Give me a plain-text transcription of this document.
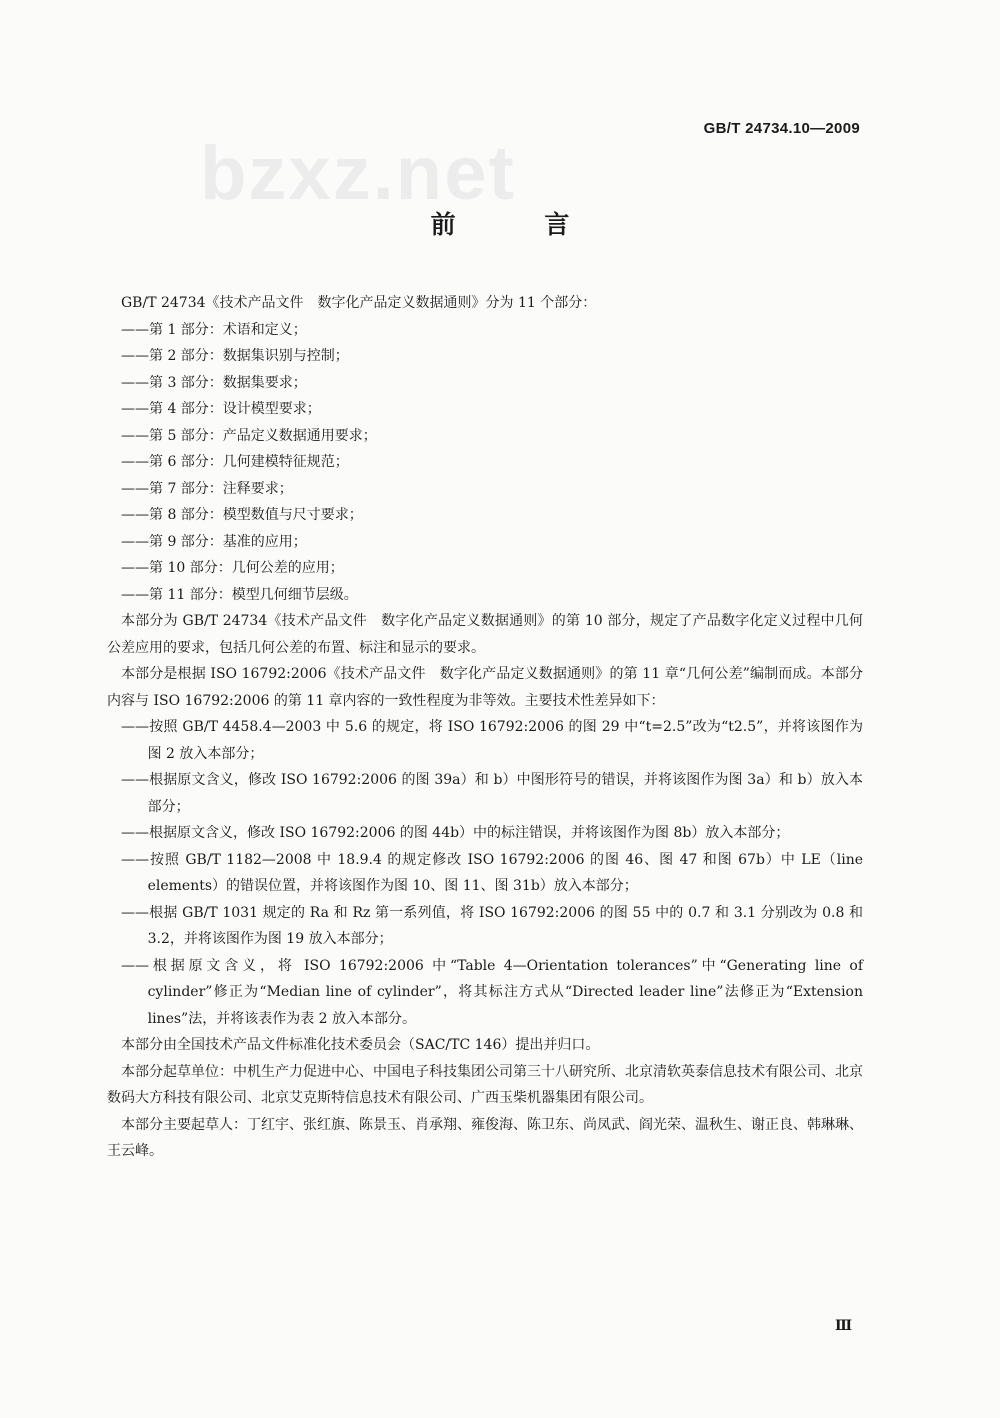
GB/T 24734.10—2009
bzxz.net
前 言

GB/T 24734《技术产品文件　数字化产品定义数据通则》分为 11 个部分：

——第 1 部分：术语和定义；

——第 2 部分：数据集识别与控制；

——第 3 部分：数据集要求；

——第 4 部分：设计模型要求；

——第 5 部分：产品定义数据通用要求；

——第 6 部分：几何建模特征规范；

——第 7 部分：注释要求；

——第 8 部分：模型数值与尺寸要求；

——第 9 部分：基准的应用；

——第 10 部分：几何公差的应用；

——第 11 部分：模型几何细节层级。

本部分为 GB/T 24734《技术产品文件　数字化产品定义数据通则》的第 10 部分，规定了产品数字化定义过程中几何公差应用的要求，包括几何公差的布置、标注和显示的要求。

本部分是根据 ISO 16792:2006《技术产品文件　数字化产品定义数据通则》的第 11 章“几何公差”编制而成。本部分内容与 ISO 16792:2006 的第 11 章内容的一致性程度为非等效。主要技术性差异如下：

——按照 GB/T 4458.4—2003 中 5.6 的规定，将 ISO 16792:2006 的图 29 中“t=2.5”改为“t2.5”，并将该图作为图 2 放入本部分；

——根据原文含义，修改 ISO 16792:2006 的图 39a）和 b）中图形符号的错误，并将该图作为图 3a）和 b）放入本部分；

——根据原文含义，修改 ISO 16792:2006 的图 44b）中的标注错误，并将该图作为图 8b）放入本部分；

——按照 GB/T 1182—2008 中 18.9.4 的规定修改 ISO 16792:2006 的图 46、图 47 和图 67b）中 LE（line elements）的错误位置，并将该图作为图 10、图 11、图 31b）放入本部分；

——根据 GB/T 1031 规定的 Ra 和 Rz 第一系列值，将 ISO 16792:2006 的图 55 中的 0.7 和 3.1 分别改为 0.8 和 3.2，并将该图作为图 19 放入本部分；

——根据原文含义，将 ISO 16792:2006 中“Table 4—Orientation tolerances”中“Generating line of cylinder”修正为“Median line of cylinder”，将其标注方式从“Directed leader line”法修正为“Extension lines”法，并将该表作为表 2 放入本部分。

本部分由全国技术产品文件标准化技术委员会（SAC/TC 146）提出并归口。

本部分起草单位：中机生产力促进中心、中国电子科技集团公司第三十八研究所、北京清软英泰信息技术有限公司、北京数码大方科技有限公司、北京艾克斯特信息技术有限公司、广西玉柴机器集团有限公司。

本部分主要起草人：丁红宇、张红旗、陈景玉、肖承翔、雍俊海、陈卫东、尚凤武、阎光荣、温秋生、谢正良、韩琳琳、王云峰。

Ⅲ
